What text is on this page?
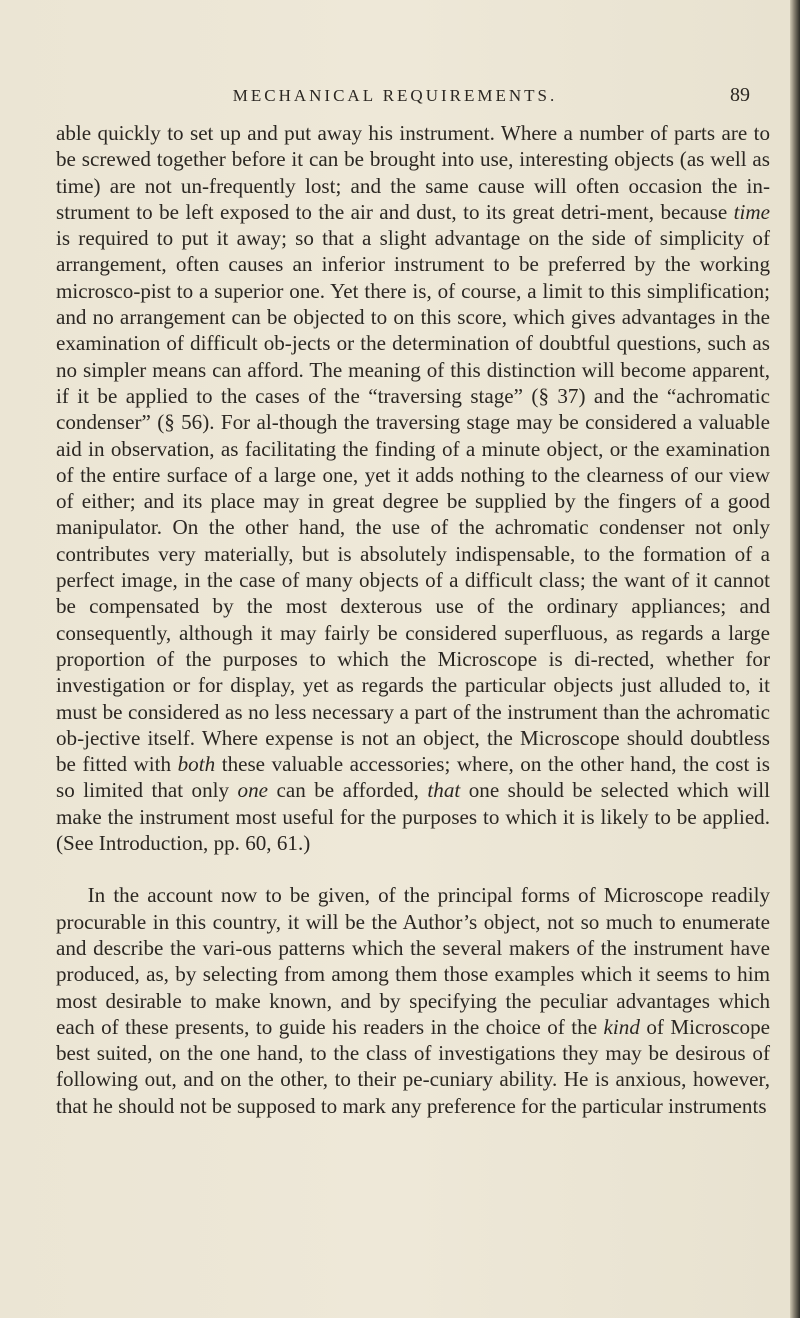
MECHANICAL REQUIREMENTS.	89

able quickly to set up and put away his instrument. Where a number of parts are to be screwed together before it can be brought into use, interesting objects (as well as time) are not un-frequently lost; and the same cause will often occasion the in-strument to be left exposed to the air and dust, to its great detri-ment, because time is required to put it away; so that a slight advantage on the side of simplicity of arrangement, often causes an inferior instrument to be preferred by the working microsco-pist to a superior one. Yet there is, of course, a limit to this simplification; and no arrangement can be objected to on this score, which gives advantages in the examination of difficult ob-jects or the determination of doubtful questions, such as no simpler means can afford. The meaning of this distinction will become apparent, if it be applied to the cases of the “traversing stage” (§ 37) and the “achromatic condenser” (§ 56). For al-though the traversing stage may be considered a valuable aid in observation, as facilitating the finding of a minute object, or the examination of the entire surface of a large one, yet it adds nothing to the clearness of our view of either; and its place may in great degree be supplied by the fingers of a good manipulator. On the other hand, the use of the achromatic condenser not only contributes very materially, but is absolutely indispensable, to the formation of a perfect image, in the case of many objects of a difficult class; the want of it cannot be compensated by the most dexterous use of the ordinary appliances; and consequently, although it may fairly be considered superfluous, as regards a large proportion of the purposes to which the Microscope is di-rected, whether for investigation or for display, yet as regards the particular objects just alluded to, it must be considered as no less necessary a part of the instrument than the achromatic ob-jective itself. Where expense is not an object, the Microscope should doubtless be fitted with both these valuable accessories; where, on the other hand, the cost is so limited that only one can be afforded, that one should be selected which will make the instrument most useful for the purposes to which it is likely to be applied. (See Introduction, pp. 60, 61.)

In the account now to be given, of the principal forms of Microscope readily procurable in this country, it will be the Author’s object, not so much to enumerate and describe the vari-ous patterns which the several makers of the instrument have produced, as, by selecting from among them those examples which it seems to him most desirable to make known, and by specifying the peculiar advantages which each of these presents, to guide his readers in the choice of the kind of Microscope best suited, on the one hand, to the class of investigations they may be desirous of following out, and on the other, to their pe-cuniary ability. He is anxious, however, that he should not be supposed to mark any preference for the particular instruments
